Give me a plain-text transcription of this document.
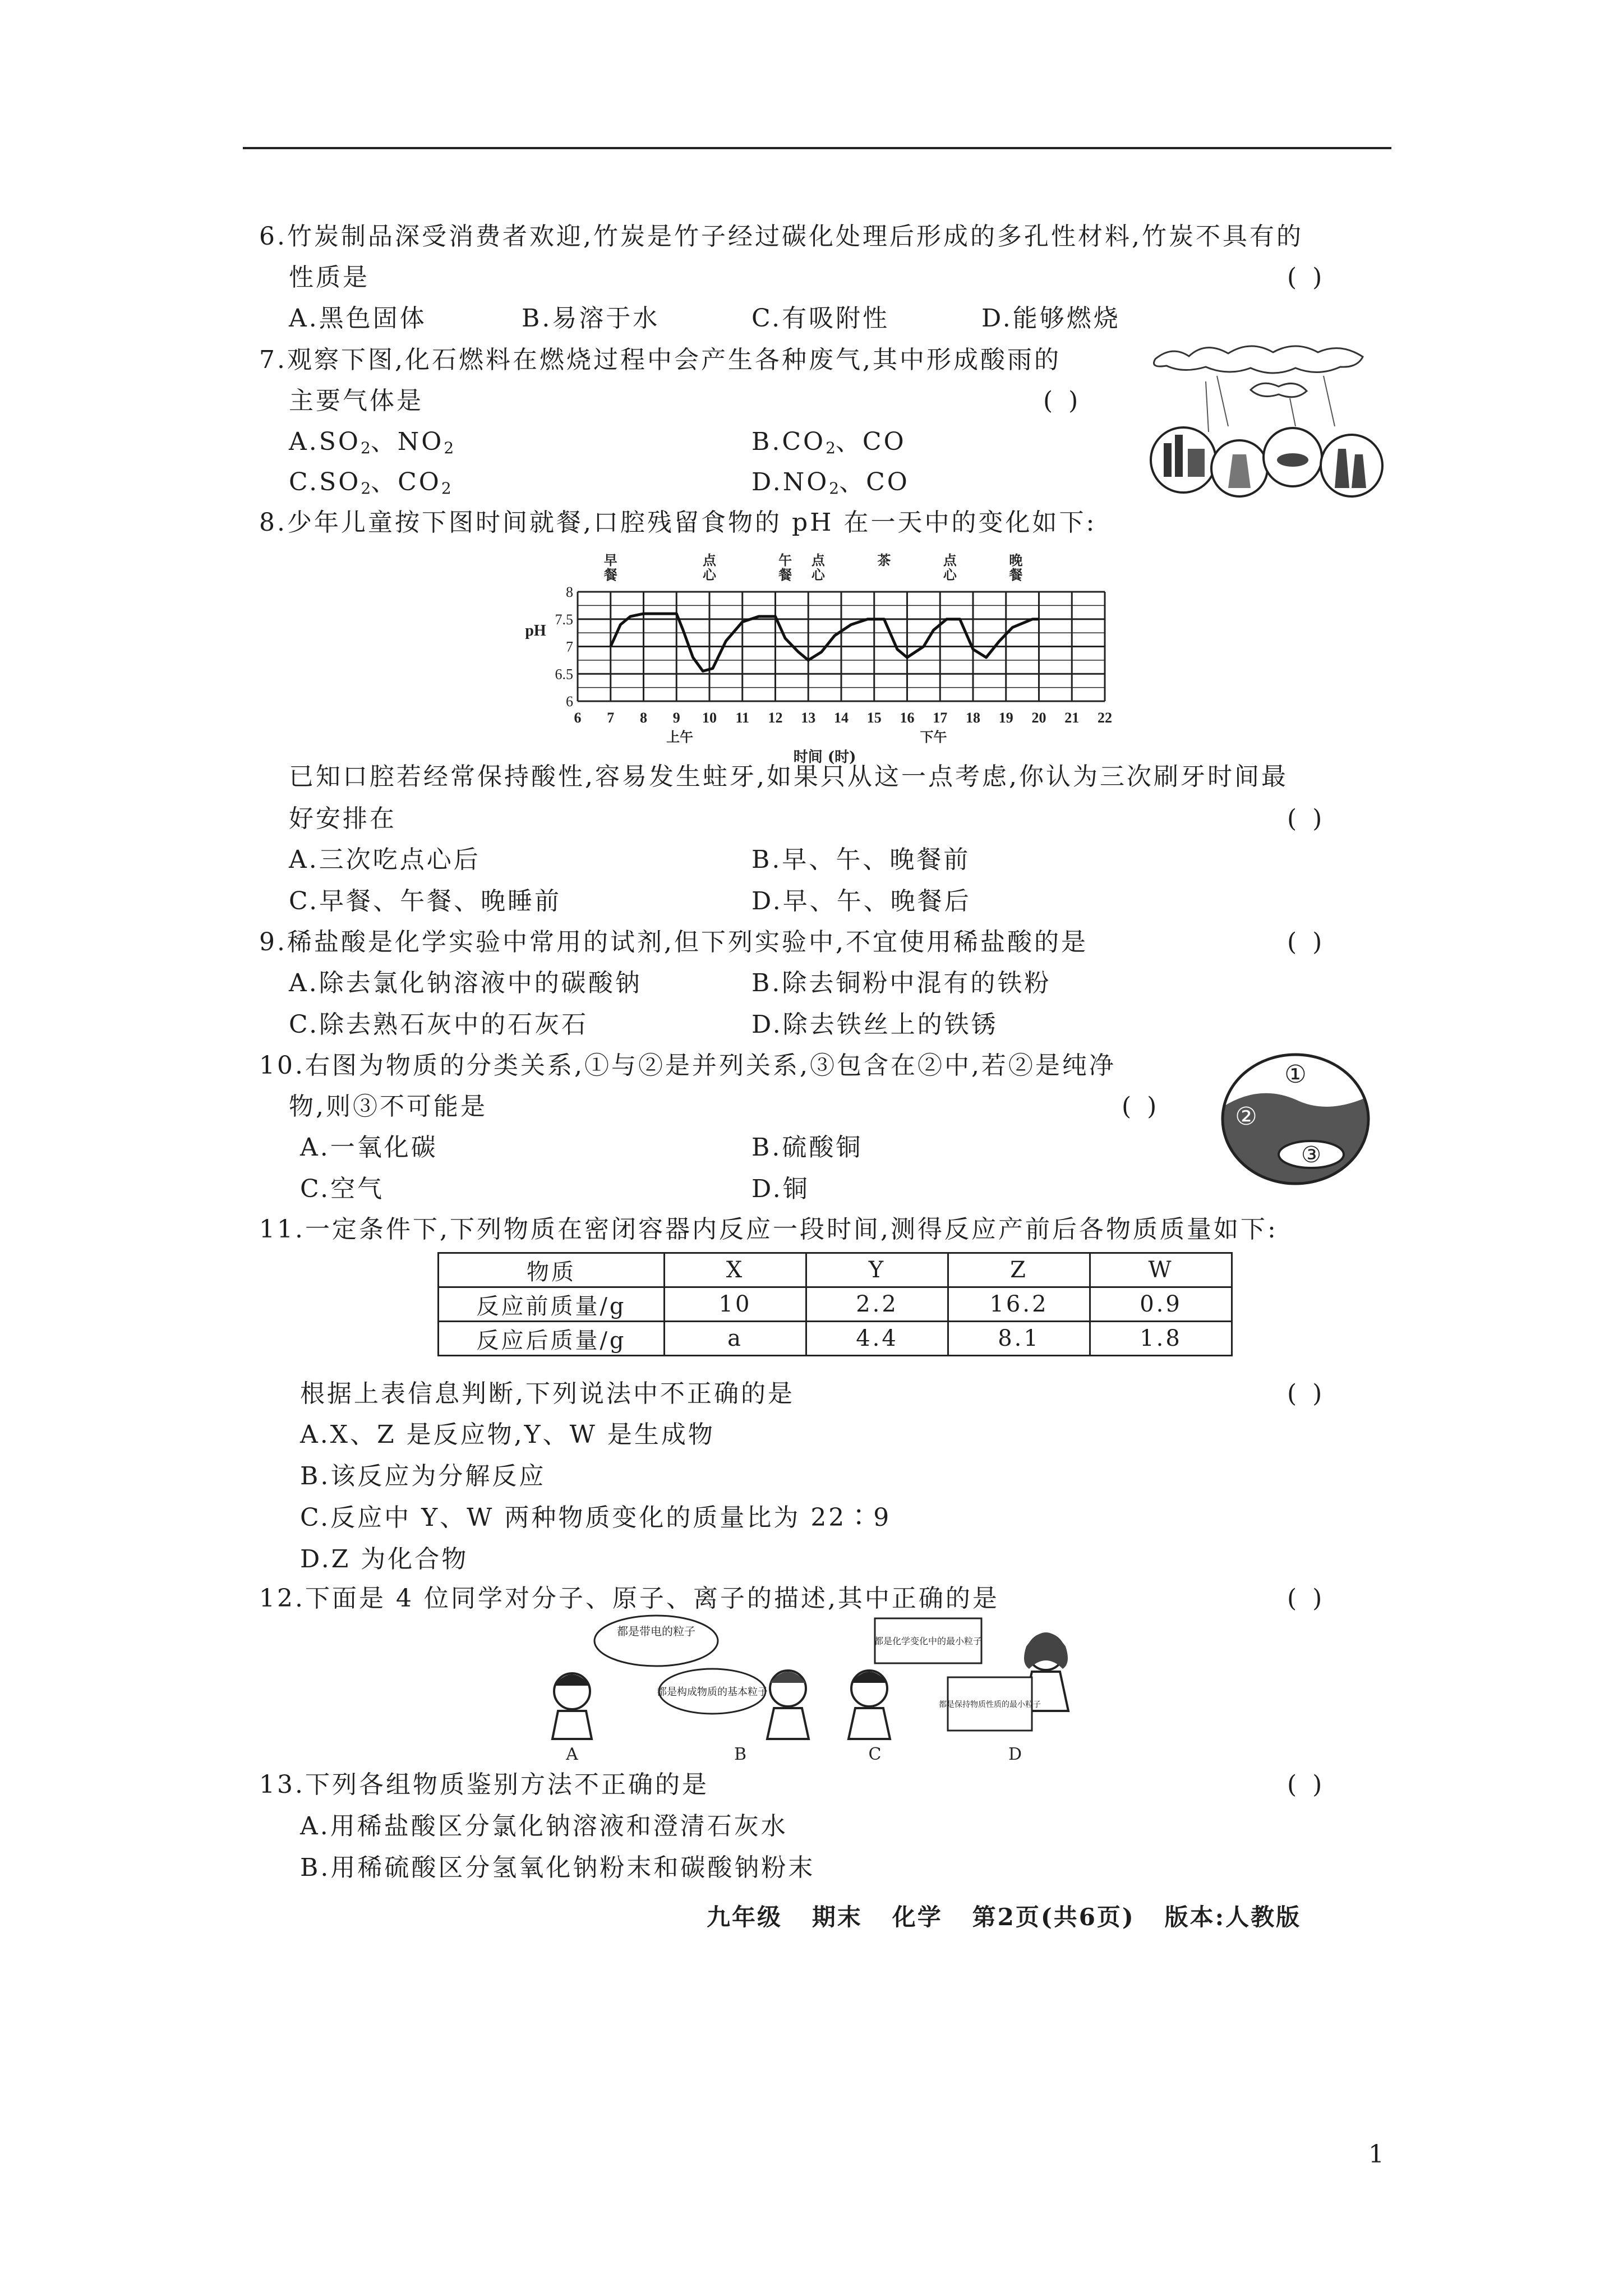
6.竹炭制品深受消费者欢迎,竹炭是竹子经过碳化处理后形成的多孔性材料,竹炭不具有的
性质是	(  )
A.黑色固体	B.易溶于水	C.有吸附性	D.能够燃烧
7.观察下图,化石燃料在燃烧过程中会产生各种废气,其中形成酸雨的
主要气体是	(  )
$A.SO_2$、$NO_2$	$B.CO_2$、CO
$C.SO_2$、$CO_2$	$D.NO_2$、CO
8.少年儿童按下图时间就餐,口腔残留食物的 pH 在一天中的变化如下:
6
6.5
7
7.5
8
6 7 8 9 10 11 12 13 14 15 16 17 18 19 20 21 22
pH
时间 (时)
上午	下午
早餐
点心
午餐
点心
茶	点心
晚餐
已知口腔若经常保持酸性,容易发生蛀牙,如果只从这一点考虑,你认为三次刷牙时间最
好安排在	(  )
A.三次吃点心后	B.早、午、晚餐前
C.早餐、午餐、晚睡前	D.早、午、晚餐后
9.稀盐酸是化学实验中常用的试剂,但下列实验中,不宜使用稀盐酸的是	(  )
A.除去氯化钠溶液中的碳酸钠	B.除去铜粉中混有的铁粉
C.除去熟石灰中的石灰石	D.除去铁丝上的铁锈
10.右图为物质的分类关系,①与②是并列关系,③包含在②中,若②是纯净
物,则③不可能是	(  )
A.一氧化碳	B.硫酸铜
C.空气	D.铜
①
②
③
11.一定条件下,下列物质在密闭容器内反应一段时间,测得反应产前后各物质质量如下:
物质	X	Y	Z	W
反应前质量/g	10	2.2	16.2	0.9
反应后质量/g	a	4.4	8.1	1.8
根据上表信息判断,下列说法中不正确的是	(  )
A.X、Z 是反应物,Y、W 是生成物
B.该反应为分解反应
C.反应中 Y、W 两种物质变化的质量比为 22∶9
D.Z 为化合物
12.下面是 4 位同学对分子、原子、离子的描述,其中正确的是	(  )
都是带电的粒子
都是构成物质的基本粒子
都是化学变化中的最小粒子
都是保持物质性质的最小粒子
A	B	C	D
13.下列各组物质鉴别方法不正确的是	(  )
A.用稀盐酸区分氯化钠溶液和澄清石灰水
B.用稀硫酸区分氢氧化钠粉末和碳酸钠粉末
九年级   期末   化学   第2页(共6页)   版本:人教版
1
